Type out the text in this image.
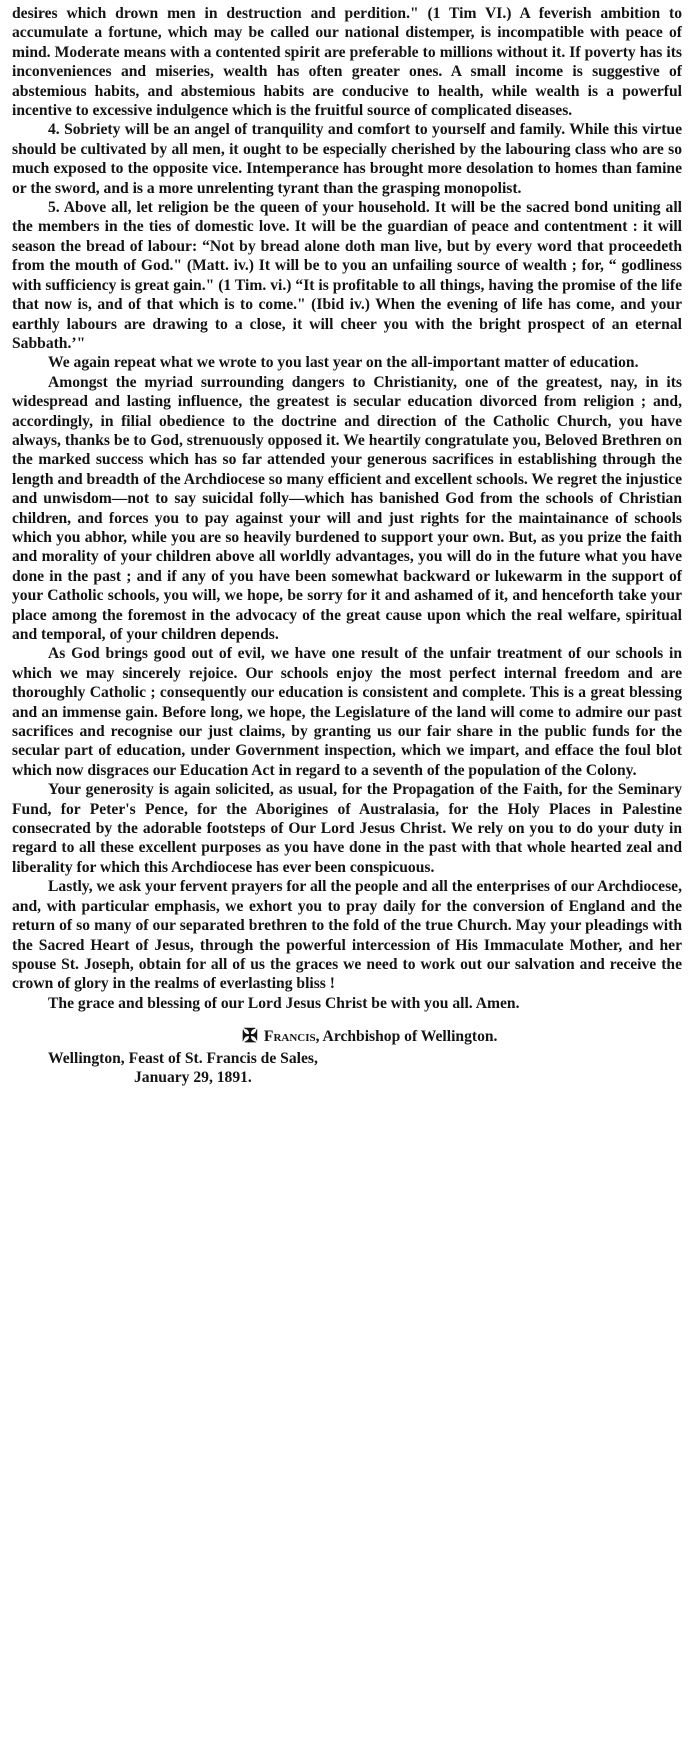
desires which drown men in destruction and perdition." (1 Tim VI.) A feverish ambition to accumulate a fortune, which may be called our national distemper, is incompatible with peace of mind. Moderate means with a contented spirit are preferable to millions without it. If poverty has its inconveniences and miseries, wealth has often greater ones. A small income is suggestive of abstemious habits, and abstemious habits are conducive to health, while wealth is a powerful incentive to excessive indulgence which is the fruitful source of complicated diseases.

4. Sobriety will be an angel of tranquility and comfort to yourself and family. While this virtue should be cultivated by all men, it ought to be especially cherished by the labouring class who are so much exposed to the opposite vice. Intemperance has brought more desolation to homes than famine or the sword, and is a more unrelenting tyrant than the grasping monopolist.

5. Above all, let religion be the queen of your household. It will be the sacred bond uniting all the members in the ties of domestic love. It will be the guardian of peace and contentment : it will season the bread of labour: “Not by bread alone doth man live, but by every word that proceedeth from the mouth of God." (Matt. iv.) It will be to you an unfailing source of wealth ; for, “ godliness with sufficiency is great gain." (1 Tim. vi.) “It is profitable to all things, having the promise of the life that now is, and of that which is to come." (Ibid iv.) When the evening of life has come, and your earthly labours are drawing to a close, it will cheer you with the bright prospect of an eternal Sabbath.’"

We again repeat what we wrote to you last year on the all-important matter of education.

Amongst the myriad surrounding dangers to Christianity, one of the greatest, nay, in its widespread and lasting influence, the greatest is secular education divorced from religion ; and, accordingly, in filial obedience to the doctrine and direction of the Catholic Church, you have always, thanks be to God, strenuously opposed it. We heartily congratulate you, Beloved Brethren on the marked success which has so far attended your generous sacrifices in establishing through the length and breadth of the Archdiocese so many efficient and excellent schools. We regret the injustice and unwisdom—not to say suicidal folly—which has banished God from the schools of Christian children, and forces you to pay against your will and just rights for the maintainance of schools which you abhor, while you are so heavily burdened to support your own. But, as you prize the faith and morality of your children above all worldly advantages, you will do in the future what you have done in the past ; and if any of you have been somewhat backward or lukewarm in the support of your Catholic schools, you will, we hope, be sorry for it and ashamed of it, and henceforth take your place among the foremost in the advocacy of the great cause upon which the real welfare, spiritual and temporal, of your children depends.

As God brings good out of evil, we have one result of the unfair treatment of our schools in which we may sincerely rejoice. Our schools enjoy the most perfect internal freedom and are thoroughly Catholic ; consequently our education is consistent and complete. This is a great blessing and an immense gain. Before long, we hope, the Legislature of the land will come to admire our past sacrifices and recognise our just claims, by granting us our fair share in the public funds for the secular part of education, under Government inspection, which we impart, and efface the foul blot which now disgraces our Education Act in regard to a seventh of the population of the Colony.

Your generosity is again solicited, as usual, for the Propagation of the Faith, for the Seminary Fund, for Peter's Pence, for the Aborigines of Australasia, for the Holy Places in Palestine consecrated by the adorable footsteps of Our Lord Jesus Christ. We rely on you to do your duty in regard to all these excellent purposes as you have done in the past with that whole hearted zeal and liberality for which this Archdiocese has ever been conspicuous.

Lastly, we ask your fervent prayers for all the people and all the enterprises of our Archdiocese, and, with particular emphasis, we exhort you to pray daily for the conversion of England and the return of so many of our separated brethren to the fold of the true Church. May your pleadings with the Sacred Heart of Jesus, through the powerful intercession of His Immaculate Mother, and her spouse St. Joseph, obtain for all of us the graces we need to work out our salvation and receive the crown of glory in the realms of everlasting bliss !

The grace and blessing of our Lord Jesus Christ be with you all. Amen.

✠ Francis, Archbishop of Wellington.
Wellington, Feast of St. Francis de Sales,
January 29, 1891.
